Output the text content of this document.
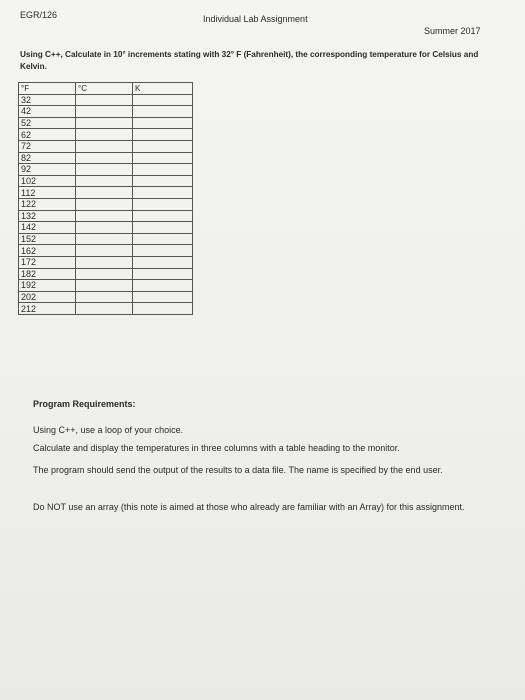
EGR/126	Individual Lab Assignment
Summer 2017
Using C++, Calculate in 10° increments stating with 32° F (Fahrenheit), the corresponding temperature for Celsius and Kelvin.
°F	°C	K
32		
42		
52		
62		
72		
82		
92		
102		
112		
122		
132		
142		
152		
162		
172		
182		
192		
202		
212		
Program Requirements:
Using C++, use a loop of your choice.
Calculate and display the temperatures in three columns with a table heading to the monitor.
The program should send the output of the results to a data file. The name is specified by the end user.
Do NOT use an array (this note is aimed at those who already are familiar with an Array) for this assignment.
